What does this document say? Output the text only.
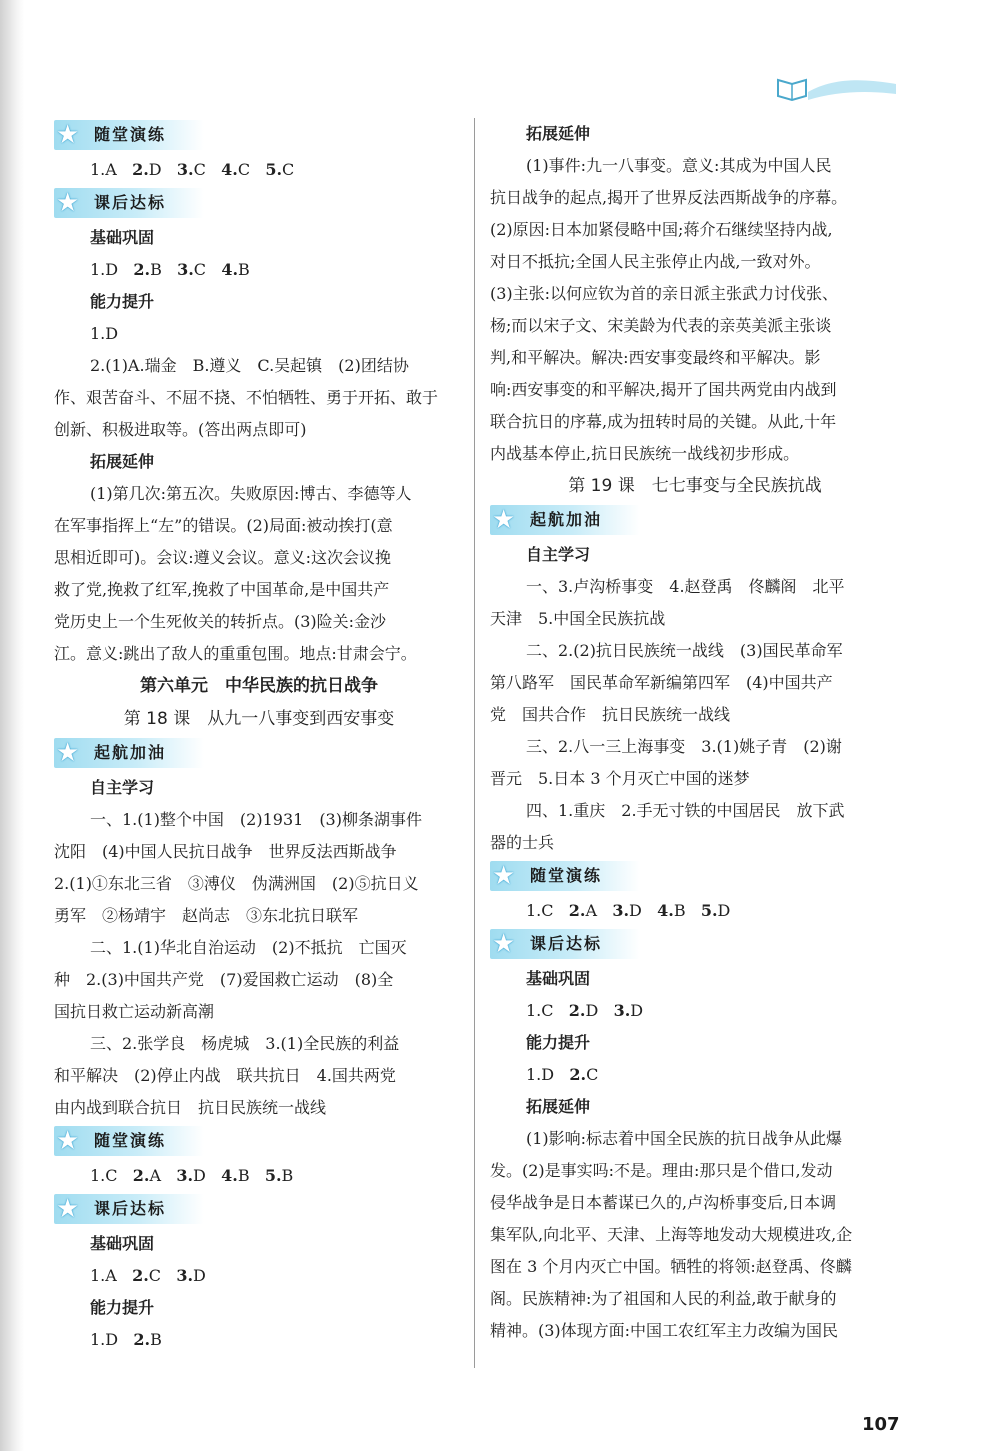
★ 随堂演练
1.A 2.D 3.C 4.C 5.C
★ 课后达标
基础巩固
1.D 2.B 3.C 4.B
能力提升
1.D
2.(1)A.瑞金　B.遵义　C.吴起镇　(2)团结协
作、艰苦奋斗、不屈不挠、不怕牺牲、勇于开拓、敢于
创新、积极进取等。(答出两点即可)
拓展延伸
(1)第几次:第五次。失败原因:博古、李德等人
在军事指挥上“左”的错误。(2)局面:被动挨打(意
思相近即可)。会议:遵义会议。意义:这次会议挽
救了党,挽救了红军,挽救了中国革命,是中国共产
党历史上一个生死攸关的转折点。(3)险关:金沙
江。意义:跳出了敌人的重重包围。地点:甘肃会宁。
第六单元　中华民族的抗日战争
第 18 课　从九一八事变到西安事变
★ 起航加油
自主学习
一、1.(1)整个中国　(2)1931　(3)柳条湖事件
沈阳　(4)中国人民抗日战争　世界反法西斯战争
2.(1)①东北三省　③溥仪　伪满洲国　(2)⑤抗日义
勇军　②杨靖宇　赵尚志　③东北抗日联军
二、1.(1)华北自治运动　(2)不抵抗　亡国灭
种　2.(3)中国共产党　(7)爱国救亡运动　(8)全
国抗日救亡运动新高潮
三、2.张学良　杨虎城　3.(1)全民族的利益
和平解决　(2)停止内战　联共抗日　4.国共两党
由内战到联合抗日　抗日民族统一战线
★ 随堂演练
1.C 2.A 3.D 4.B 5.B
★ 课后达标
基础巩固
1.A 2.C 3.D
能力提升
1.D 2.B
拓展延伸
(1)事件:九一八事变。意义:其成为中国人民
抗日战争的起点,揭开了世界反法西斯战争的序幕。
(2)原因:日本加紧侵略中国;蒋介石继续坚持内战,
对日不抵抗;全国人民主张停止内战,一致对外。
(3)主张:以何应钦为首的亲日派主张武力讨伐张、
杨;而以宋子文、宋美龄为代表的亲英美派主张谈
判,和平解决。解决:西安事变最终和平解决。影
响:西安事变的和平解决,揭开了国共两党由内战到
联合抗日的序幕,成为扭转时局的关键。从此,十年
内战基本停止,抗日民族统一战线初步形成。
第 19 课　七七事变与全民族抗战
★ 起航加油
自主学习
一、3.卢沟桥事变　4.赵登禹　佟麟阁　北平
天津　5.中国全民族抗战
二、2.(2)抗日民族统一战线　(3)国民革命军
第八路军　国民革命军新编第四军　(4)中国共产
党　国共合作　抗日民族统一战线
三、2.八一三上海事变　3.(1)姚子青　(2)谢
晋元　5.日本 3 个月灭亡中国的迷梦
四、1.重庆　2.手无寸铁的中国居民　放下武
器的士兵
★ 随堂演练
1.C 2.A 3.D 4.B 5.D
★ 课后达标
基础巩固
1.C 2.D 3.D
能力提升
1.D 2.C
拓展延伸
(1)影响:标志着中国全民族的抗日战争从此爆
发。(2)是事实吗:不是。理由:那只是个借口,发动
侵华战争是日本蓄谋已久的,卢沟桥事变后,日本调
集军队,向北平、天津、上海等地发动大规模进攻,企
图在 3 个月内灭亡中国。牺牲的将领:赵登禹、佟麟
阁。民族精神:为了祖国和人民的利益,敢于献身的
精神。(3)体现方面:中国工农红军主力改编为国民
107
